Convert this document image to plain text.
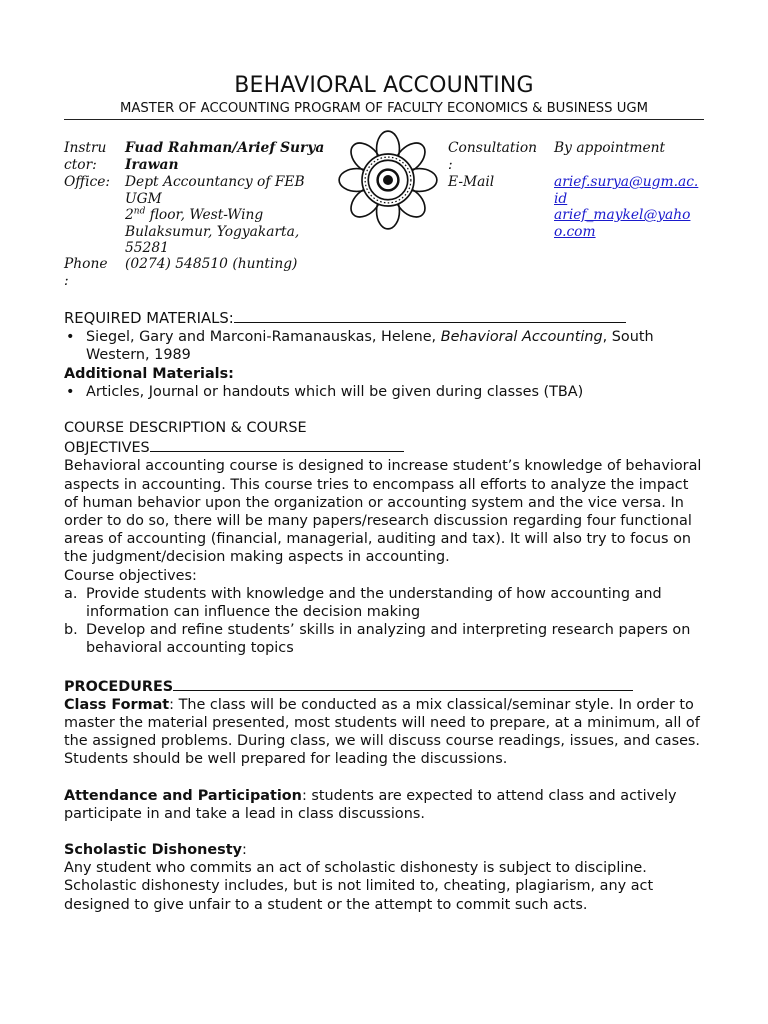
BEHAVIORAL ACCOUNTING
MASTER OF ACCOUNTING PROGRAM OF FACULTY ECONOMICS & BUSINESS UGM
Instru ctor:
Fuad Rahman/Arief Surya Irawan
Office:	Dept Accountancy of FEB UGM
2nd floor, West-Wing
Bulaksumur, Yogyakarta, 55281
Phone :
(0274) 548510 (hunting)
Consultation :
By appointment
E-Mail	arief.surya@ugm.ac.id
arief_maykel@yahoo.com

REQUIRED MATERIALS:

• Siegel, Gary and Marconi-Ramanauskas, Helene, Behavioral Accounting, South Western, 1989

Additional Materials:

• Articles, Journal or handouts which will be given during classes (TBA)

COURSE DESCRIPTION & COURSE

OBJECTIVES

Behavioral accounting course is designed to increase student’s knowledge of behavioral aspects in accounting. This course tries to encompass all efforts to analyze the impact of human behavior upon the organization or accounting system and the vice versa. In order to do so, there will be many papers/research discussion regarding four functional areas of accounting (financial, managerial, auditing and tax). It will also try to focus on the judgment/decision making aspects in accounting.

Course objectives:

a. Provide students with knowledge and the understanding of how accounting and information can influence the decision making
b. Develop and refine students’ skills in analyzing and interpreting research papers on behavioral accounting topics

PROCEDURES

Class Format: The class will be conducted as a mix classical/seminar style. In order to master the material presented, most students will need to prepare, at a minimum, all of the assigned problems. During class, we will discuss course readings, issues, and cases. Students should be well prepared for leading the discussions.

Attendance and Participation: students are expected to attend class and actively participate in and take a lead in class discussions.

Scholastic Dishonesty:

Any student who commits an act of scholastic dishonesty is subject to discipline. Scholastic dishonesty includes, but is not limited to, cheating, plagiarism, any act designed to give unfair to a student or the attempt to commit such acts.
